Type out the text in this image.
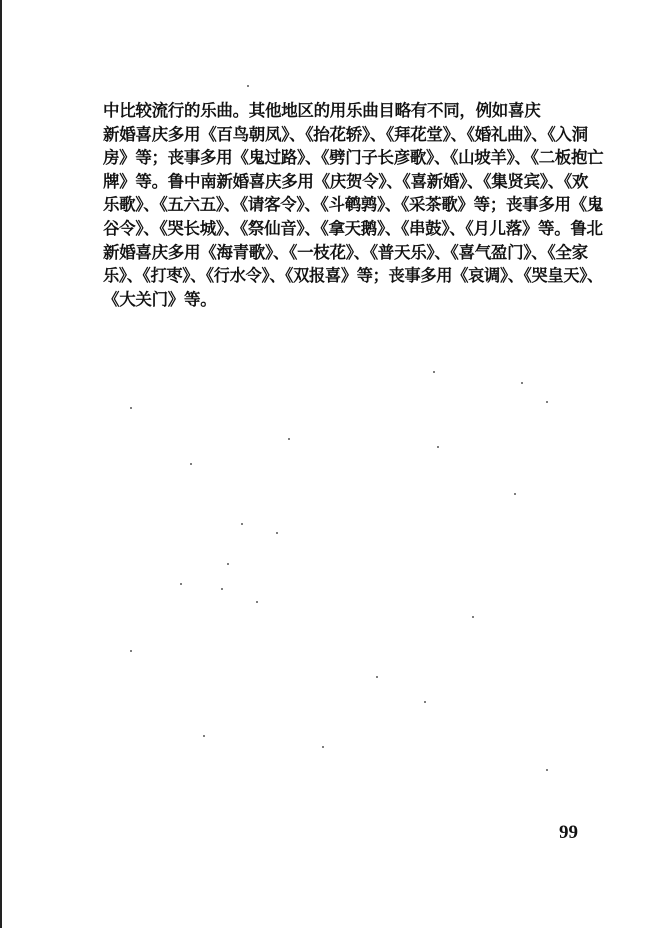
中比较流行的乐曲。其他地区的用乐曲目略有不同，例如喜庆
新婚喜庆多用《百鸟朝凤》、《抬花轿》、《拜花堂》、《婚礼曲》、《入洞
房》等；丧事多用《鬼过路》、《劈门子长彦歌》、《山坡羊》、《二板抱亡
牌》等。鲁中南新婚喜庆多用《庆贺令》、《喜新婚》、《集贤宾》、《欢
乐歌》、《五六五》、《请客令》、《斗鹌鹑》、《采茶歌》等；丧事多用《鬼
谷令》、《哭长城》、《祭仙音》、《拿天鹅》、《串鼓》、《月儿落》等。鲁北
新婚喜庆多用《海青歌》、《一枝花》、《普天乐》、《喜气盈门》、《全家
乐》、《打枣》、《行水令》、《双报喜》等；丧事多用《哀调》、《哭皇天》、
《大关门》等。
99
